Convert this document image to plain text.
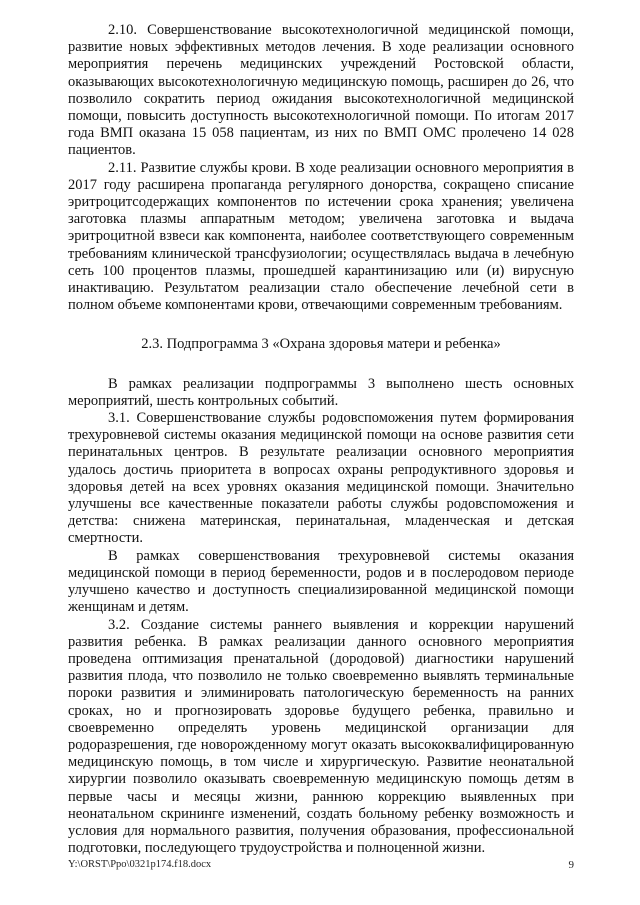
2.10. Совершенствование высокотехнологичной медицинской помощи, развитие новых эффективных методов лечения. В ходе реализации основного мероприятия перечень медицинских учреждений Ростовской области, оказывающих высокотехнологичную медицинскую помощь, расширен до 26, что позволило сократить период ожидания высокотехнологичной медицинской помощи, повысить доступность высокотехнологичной помощи. По итогам 2017 года ВМП оказана 15 058 пациентам, из них по ВМП ОМС пролечено 14 028 пациентов.

2.11. Развитие службы крови. В ходе реализации основного мероприятия в 2017 году расширена пропаганда регулярного донорства, сокращено списание эритроцитсодержащих компонентов по истечении срока хранения; увеличена заготовка плазмы аппаратным методом; увеличена заготовка и выдача эритроцитной взвеси как компонента, наиболее соответствующего современным требованиям клинической трансфузиологии; осуществлялась выдача в лечебную сеть 100 процентов плазмы, прошедшей карантинизацию или (и) вирусную инактивацию. Результатом реализации стало обеспечение лечебной сети в полном объеме компонентами крови, отвечающими современным требованиям.

2.3. Подпрограмма 3 «Охрана здоровья матери и ребенка»

В рамках реализации подпрограммы 3 выполнено шесть основных мероприятий, шесть контрольных событий.

3.1. Совершенствование службы родовспоможения путем формирования трехуровневой системы оказания медицинской помощи на основе развития сети перинатальных центров. В результате реализации основного мероприятия удалось достичь приоритета в вопросах охраны репродуктивного здоровья и здоровья детей на всех уровнях оказания медицинской помощи. Значительно улучшены все качественные показатели работы службы родовспоможения и детства: снижена материнская, перинатальная, младенческая и детская смертности.

В рамках совершенствования трехуровневой системы оказания медицинской помощи в период беременности, родов и в послеродовом периоде улучшено качество и доступность специализированной медицинской помощи женщинам и детям.

3.2. Создание системы раннего выявления и коррекции нарушений развития ребенка. В рамках реализации данного основного мероприятия проведена оптимизация пренатальной (дородовой) диагностики нарушений развития плода, что позволило не только своевременно выявлять терминальные пороки развития и элиминировать патологическую беременность на ранних сроках, но и прогнозировать здоровье будущего ребенка, правильно и своевременно определять уровень медицинской организации для родоразрешения, где новорожденному могут оказать высококвалифицированную медицинскую помощь, в том числе и хирургическую. Развитие неонатальной хирургии позволило оказывать своевременную медицинскую помощь детям в первые часы и месяцы жизни, раннюю коррекцию выявленных при неонатальном скрининге изменений, создать больному ребенку возможность и условия для нормального развития, получения образования, профессиональной подготовки, последующего трудоустройства и полноценной жизни.

Y:\ORST\Ppo\0321p174.f18.docx	9
